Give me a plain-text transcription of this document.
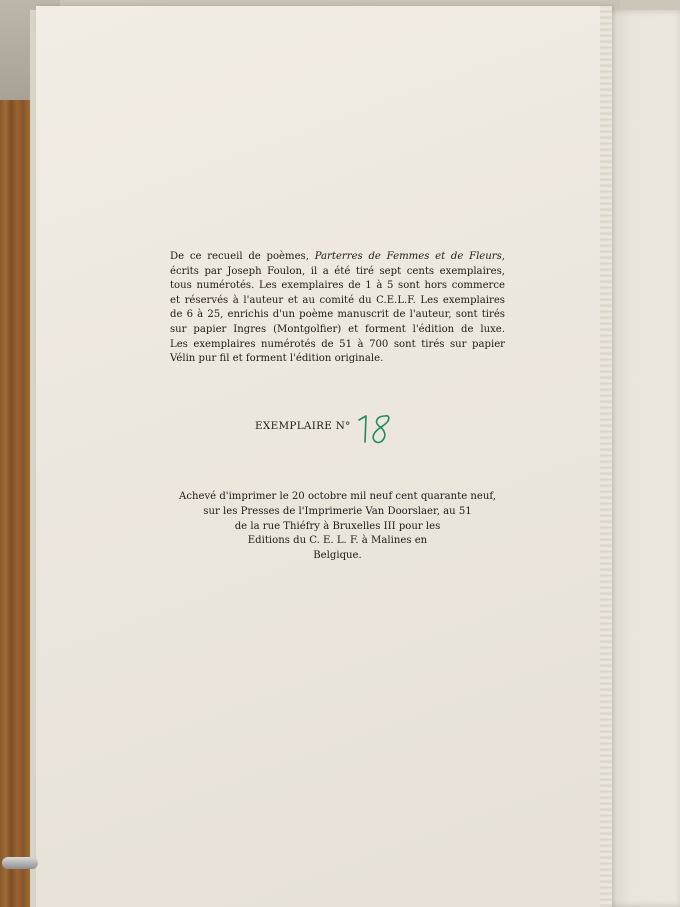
De ce recueil de poèmes, Parterres de Femmes et de Fleurs,
écrits par Joseph Foulon, il a été tiré sept cents exemplaires,
tous numérotés. Les exemplaires de 1 à 5 sont hors commerce
et réservés à l'auteur et au comité du C.E.L.F. Les exemplaires
de 6 à 25, enrichis d'un poème manuscrit de l'auteur, sont tirés
sur papier Ingres (Montgolfier) et forment l'édition de luxe.
Les exemplaires numérotés de 51 à 700 sont tirés sur papier
Vélin pur fil et forment l'édition originale.
EXEMPLAIRE N°
Achevé d'imprimer le 20 octobre mil neuf cent quarante neuf,
sur les Presses de l'Imprimerie Van Doorslaer, au 51
de la rue Thiéfry à Bruxelles III pour les
Editions du C. E. L. F. à Malines en
Belgique.
